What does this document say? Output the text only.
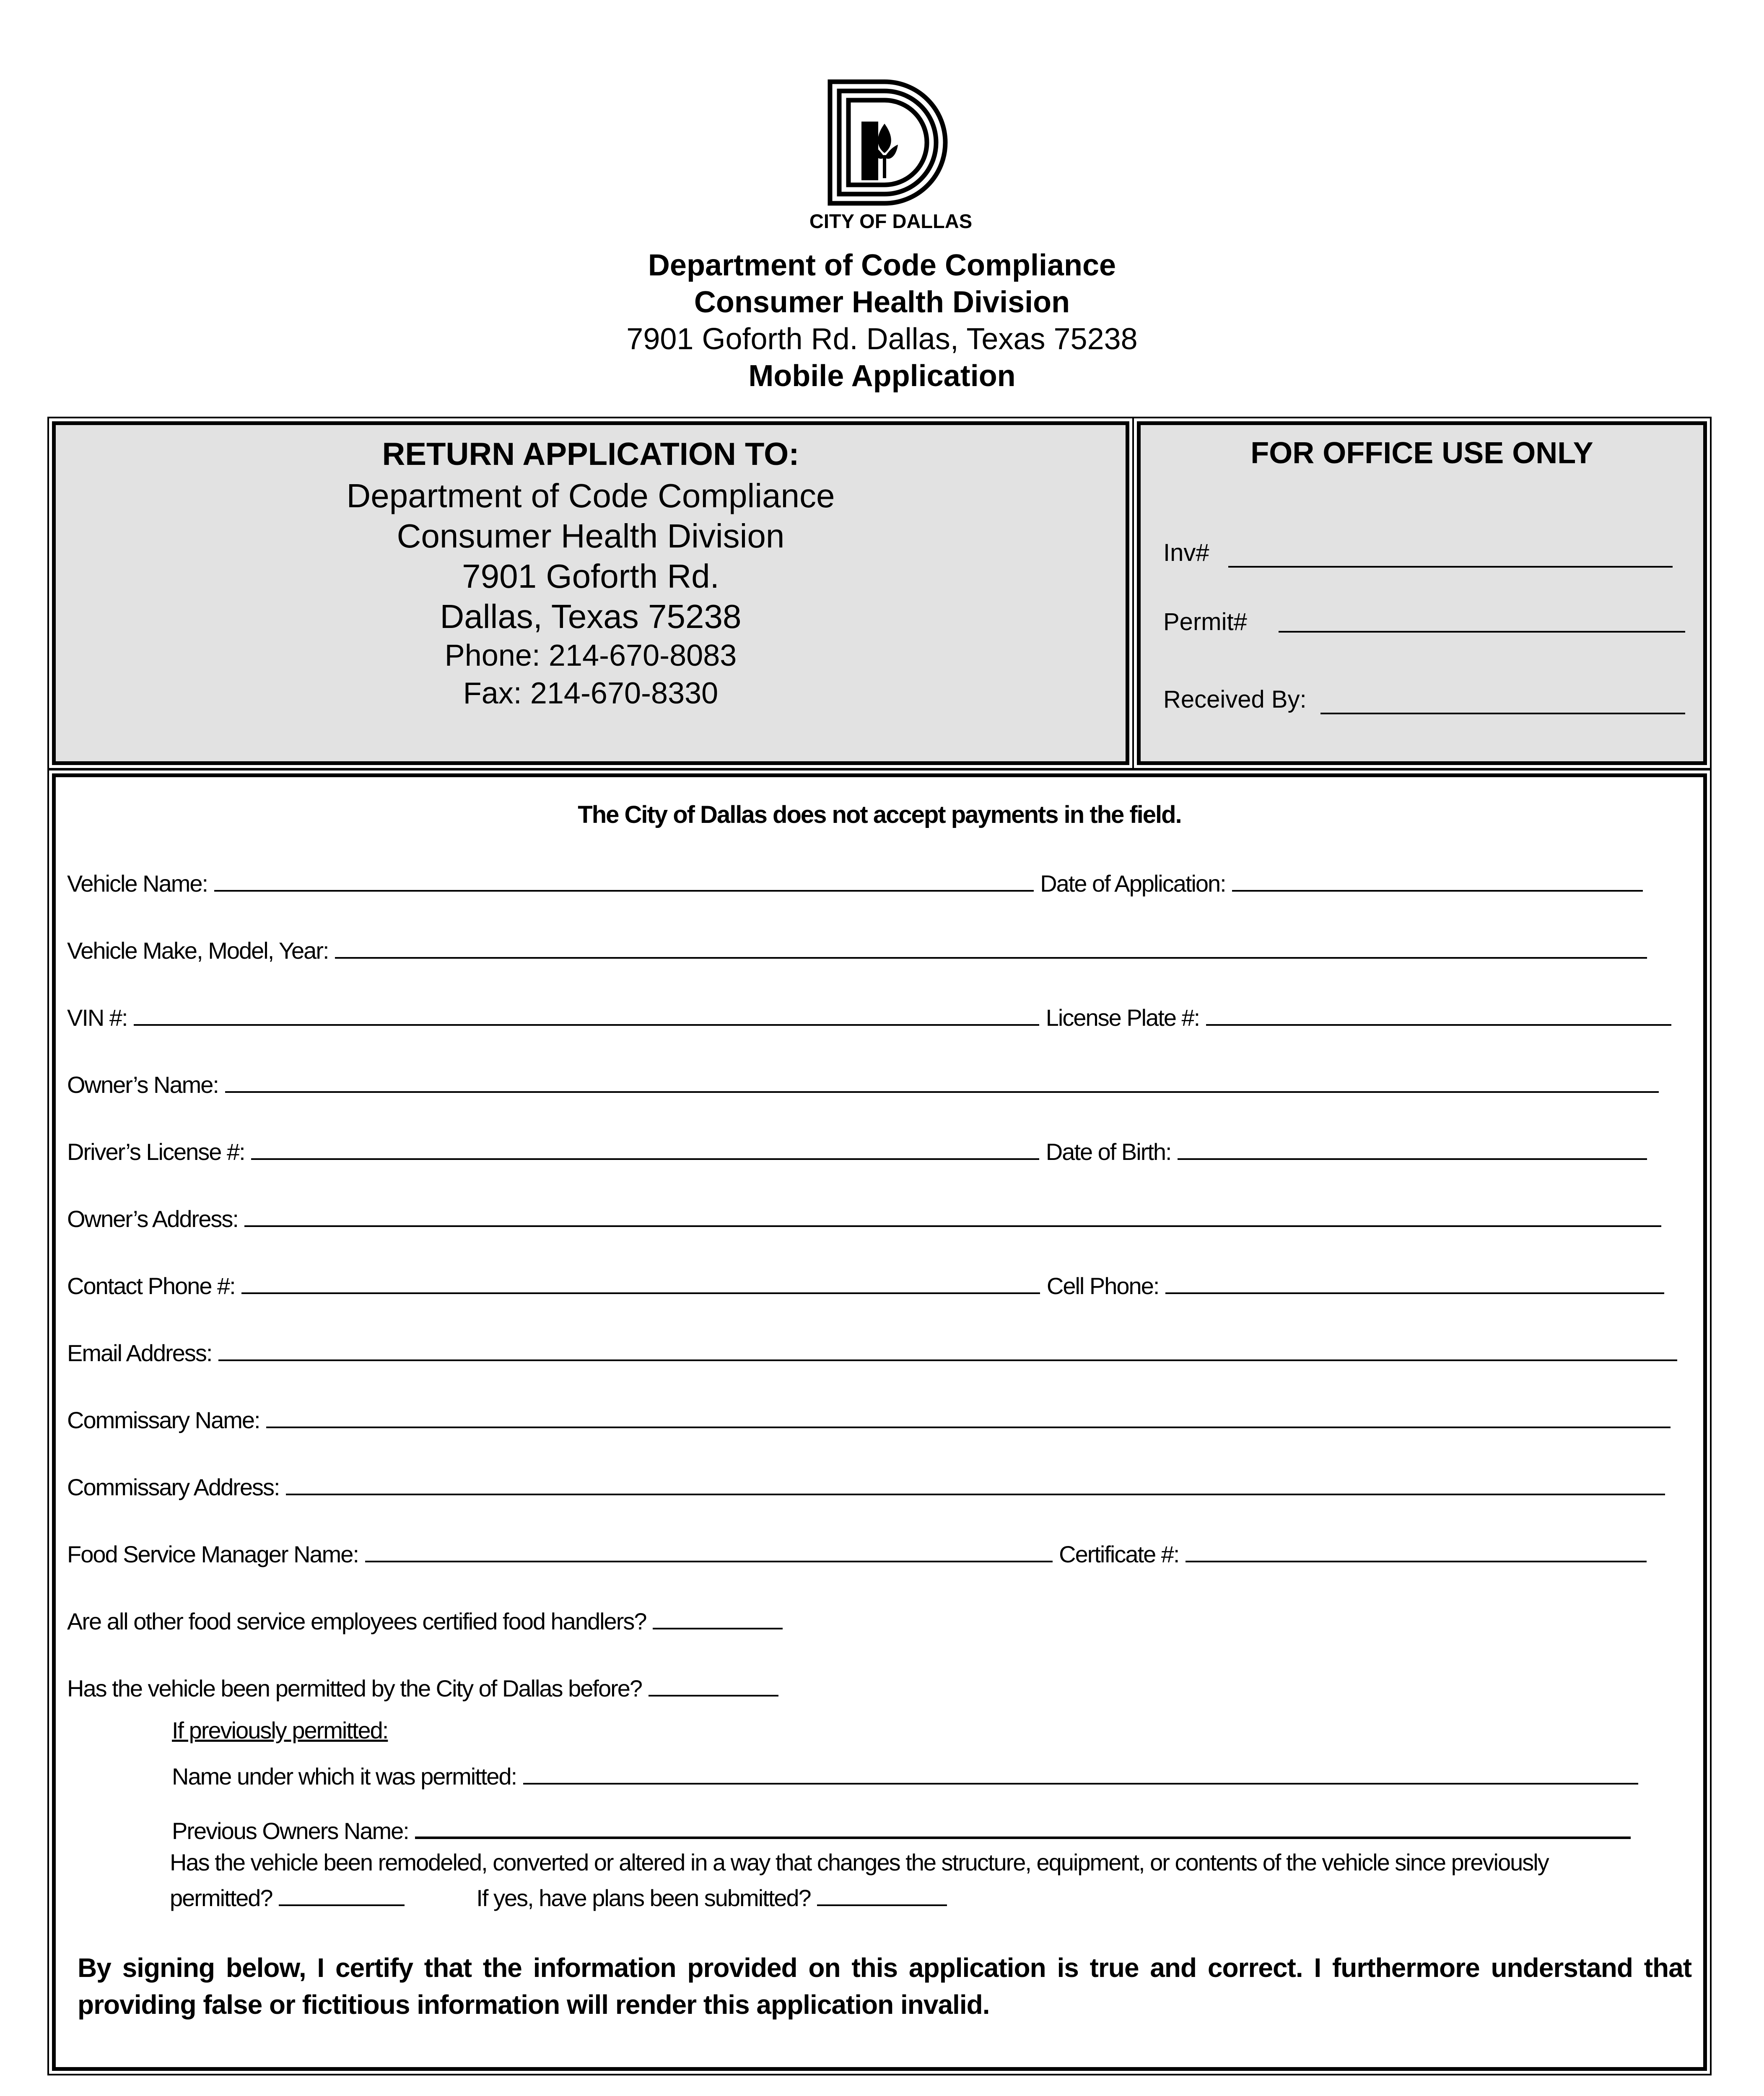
CITY OF DALLAS
Department of Code Compliance
Consumer Health Division
7901 Goforth Rd. Dallas, Texas 75238
Mobile Application
RETURN APPLICATION TO:
Department of Code Compliance
Consumer Health Division
7901 Goforth Rd.
Dallas, Texas 75238
Phone: 214-670-8083
Fax: 214-670-8330
FOR OFFICE USE ONLY
Inv#
Permit#
Received By:
The City of Dallas does not accept payments in the field.
Vehicle Name:	Date of Application:
Vehicle Make, Model, Year:
VIN #:	License Plate #:
Owner’s Name:
Driver’s License #:	Date of Birth:
Owner’s Address:
Contact Phone #:	Cell Phone:
Email Address:
Commissary Name:
Commissary Address:
Food Service Manager Name:	Certificate #:
Are all other food service employees certified food handlers?
Has the vehicle been permitted by the City of Dallas before?
If previously permitted:
Name under which it was permitted:
Previous Owners Name:
Has the vehicle been remodeled, converted or altered in a way that changes the structure, equipment, or contents of the vehicle since previously
permitted?	If yes, have plans been submitted?
By signing below, I certify that the information provided on this application is true and correct. I furthermore understand that providing false or fictitious information will render this application invalid.
